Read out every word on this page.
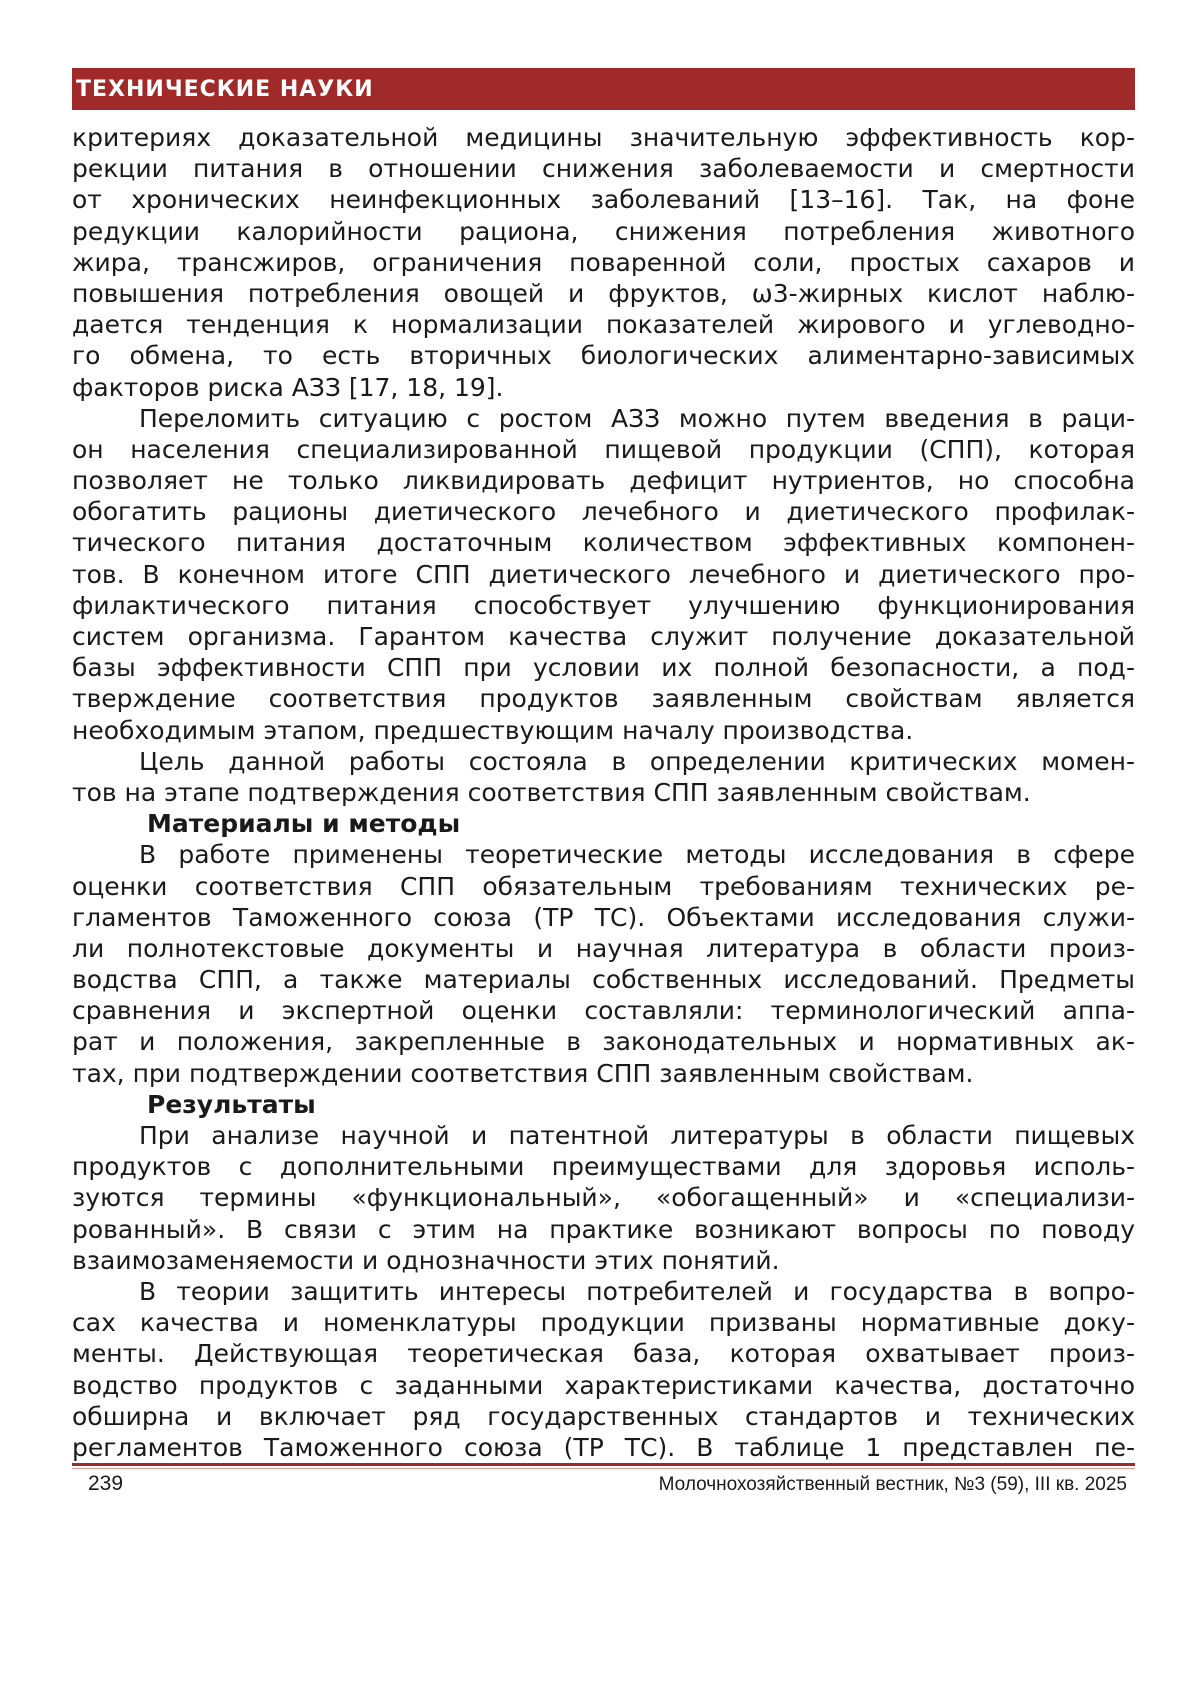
ТЕХНИЧЕСКИЕ НАУКИ
критериях доказательной медицины значительную эффективность кор-
рекции питания в отношении снижения заболеваемости и смертности
от хронических неинфекционных заболеваний [13–16]. Так, на фоне
редукции калорийности рациона, снижения потребления животного
жира, трансжиров, ограничения поваренной соли, простых сахаров и
повышения потребления овощей и фруктов, ω3-жирных кислот наблю-
дается тенденция к нормализации показателей жирового и углеводно-
го обмена, то есть вторичных биологических алиментарно-зависимых
факторов риска АЗЗ [17, 18, 19].
Переломить ситуацию с ростом АЗЗ можно путем введения в раци-
он населения специализированной пищевой продукции (СПП), которая
позволяет не только ликвидировать дефицит нутриентов, но способна
обогатить рационы диетического лечебного и диетического профилак-
тического питания достаточным количеством эффективных компонен-
тов. В конечном итоге СПП диетического лечебного и диетического про-
филактического питания способствует улучшению функционирования
систем организма. Гарантом качества служит получение доказательной
базы эффективности СПП при условии их полной безопасности, а под-
тверждение соответствия продуктов заявленным свойствам является
необходимым этапом, предшествующим началу производства.
Цель данной работы состояла в определении критических момен-
тов на этапе подтверждения соответствия СПП заявленным свойствам.
Материалы и методы
В работе применены теоретические методы исследования в сфере
оценки соответствия СПП обязательным требованиям технических ре-
гламентов Таможенного союза (ТР ТС). Объектами исследования служи-
ли полнотекстовые документы и научная литература в области произ-
водства СПП, а также материалы собственных исследований. Предметы
сравнения и экспертной оценки составляли: терминологический аппа-
рат и положения, закрепленные в законодательных и нормативных ак-
тах, при подтверждении соответствия СПП заявленным свойствам.
Результаты
При анализе научной и патентной литературы в области пищевых
продуктов с дополнительными преимуществами для здоровья исполь-
зуются термины «функциональный», «обогащенный» и «специализи-
рованный». В связи с этим на практике возникают вопросы по поводу
взаимозаменяемости и однозначности этих понятий.
В теории защитить интересы потребителей и государства в вопро-
сах качества и номенклатуры продукции призваны нормативные доку-
менты. Действующая теоретическая база, которая охватывает произ-
водство продуктов с заданными характеристиками качества, достаточно
обширна и включает ряд государственных стандартов и технических
регламентов Таможенного союза (ТР ТС). В таблице 1 представлен пе-
239	Молочнохозяйственный вестник, №3 (59), III кв. 2025
